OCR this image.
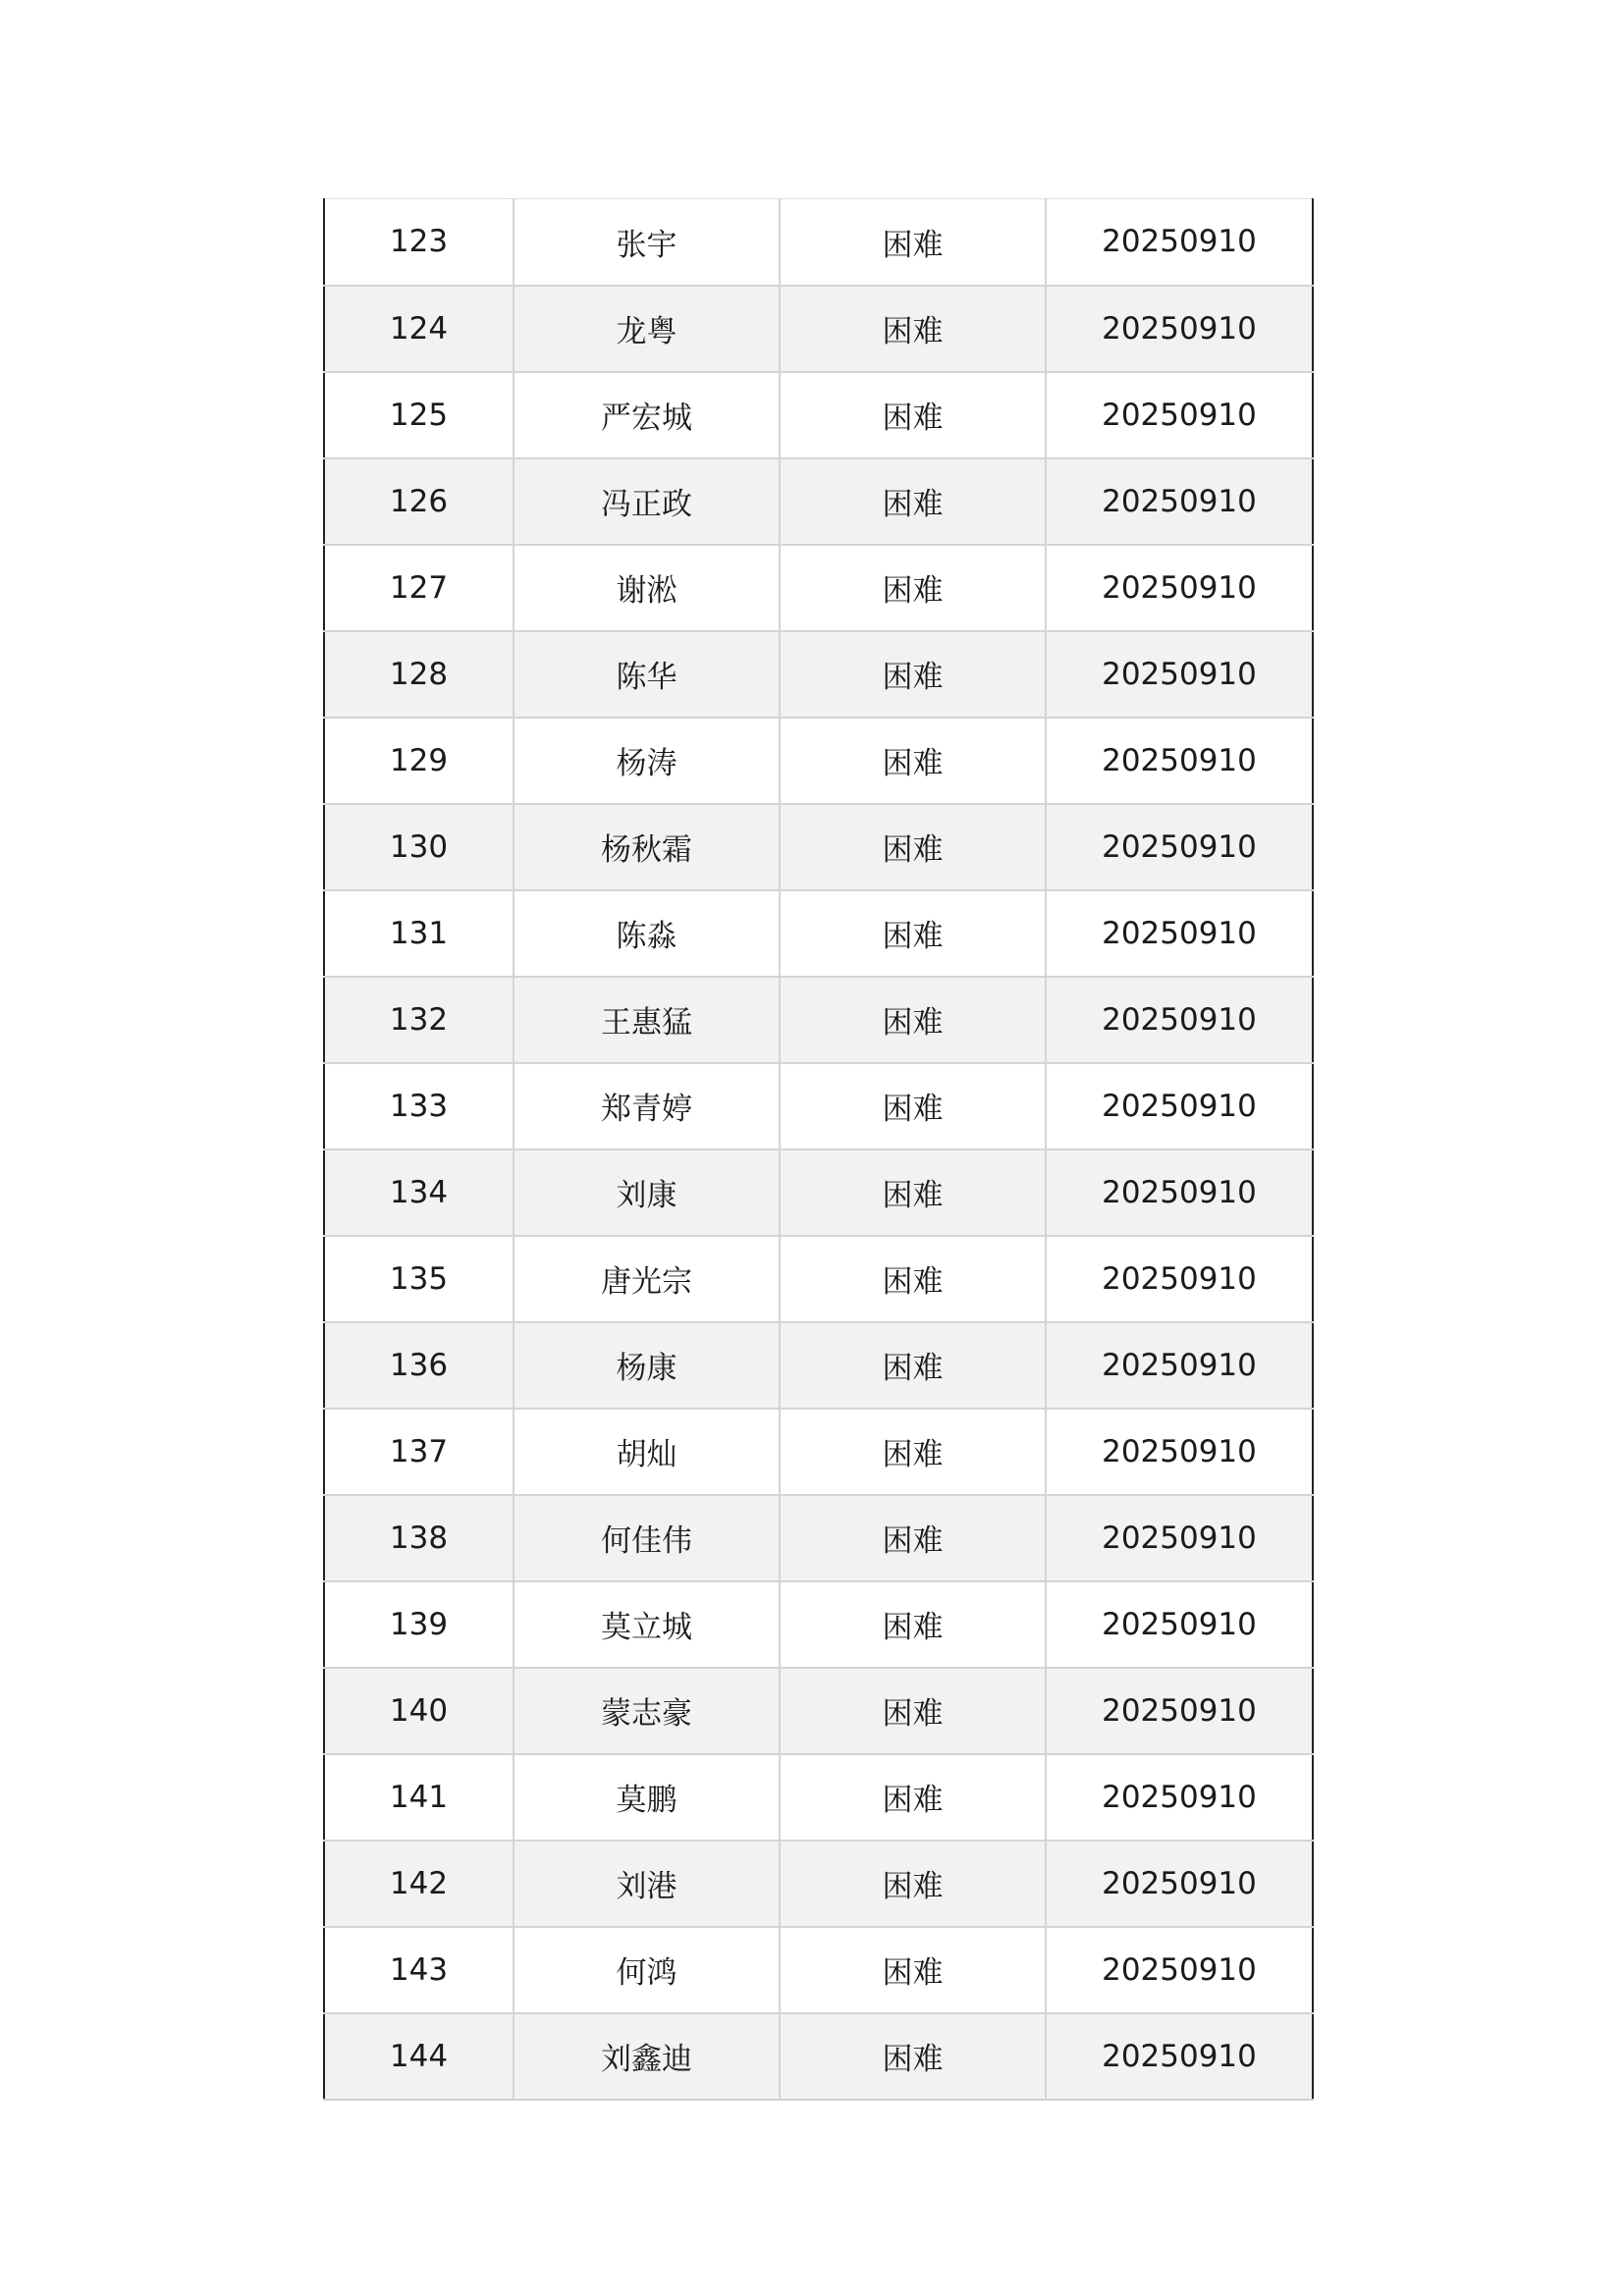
123	张宇	困难	20250910
124	龙粤	困难	20250910
125	严宏城	困难	20250910
126	冯正政	困难	20250910
127	谢淞	困难	20250910
128	陈华	困难	20250910
129	杨涛	困难	20250910
130	杨秋霜	困难	20250910
131	陈淼	困难	20250910
132	王惠猛	困难	20250910
133	郑青婷	困难	20250910
134	刘康	困难	20250910
135	唐光宗	困难	20250910
136	杨康	困难	20250910
137	胡灿	困难	20250910
138	何佳伟	困难	20250910
139	莫立城	困难	20250910
140	蒙志豪	困难	20250910
141	莫鹏	困难	20250910
142	刘港	困难	20250910
143	何鸿	困难	20250910
144	刘鑫迪	困难	20250910
